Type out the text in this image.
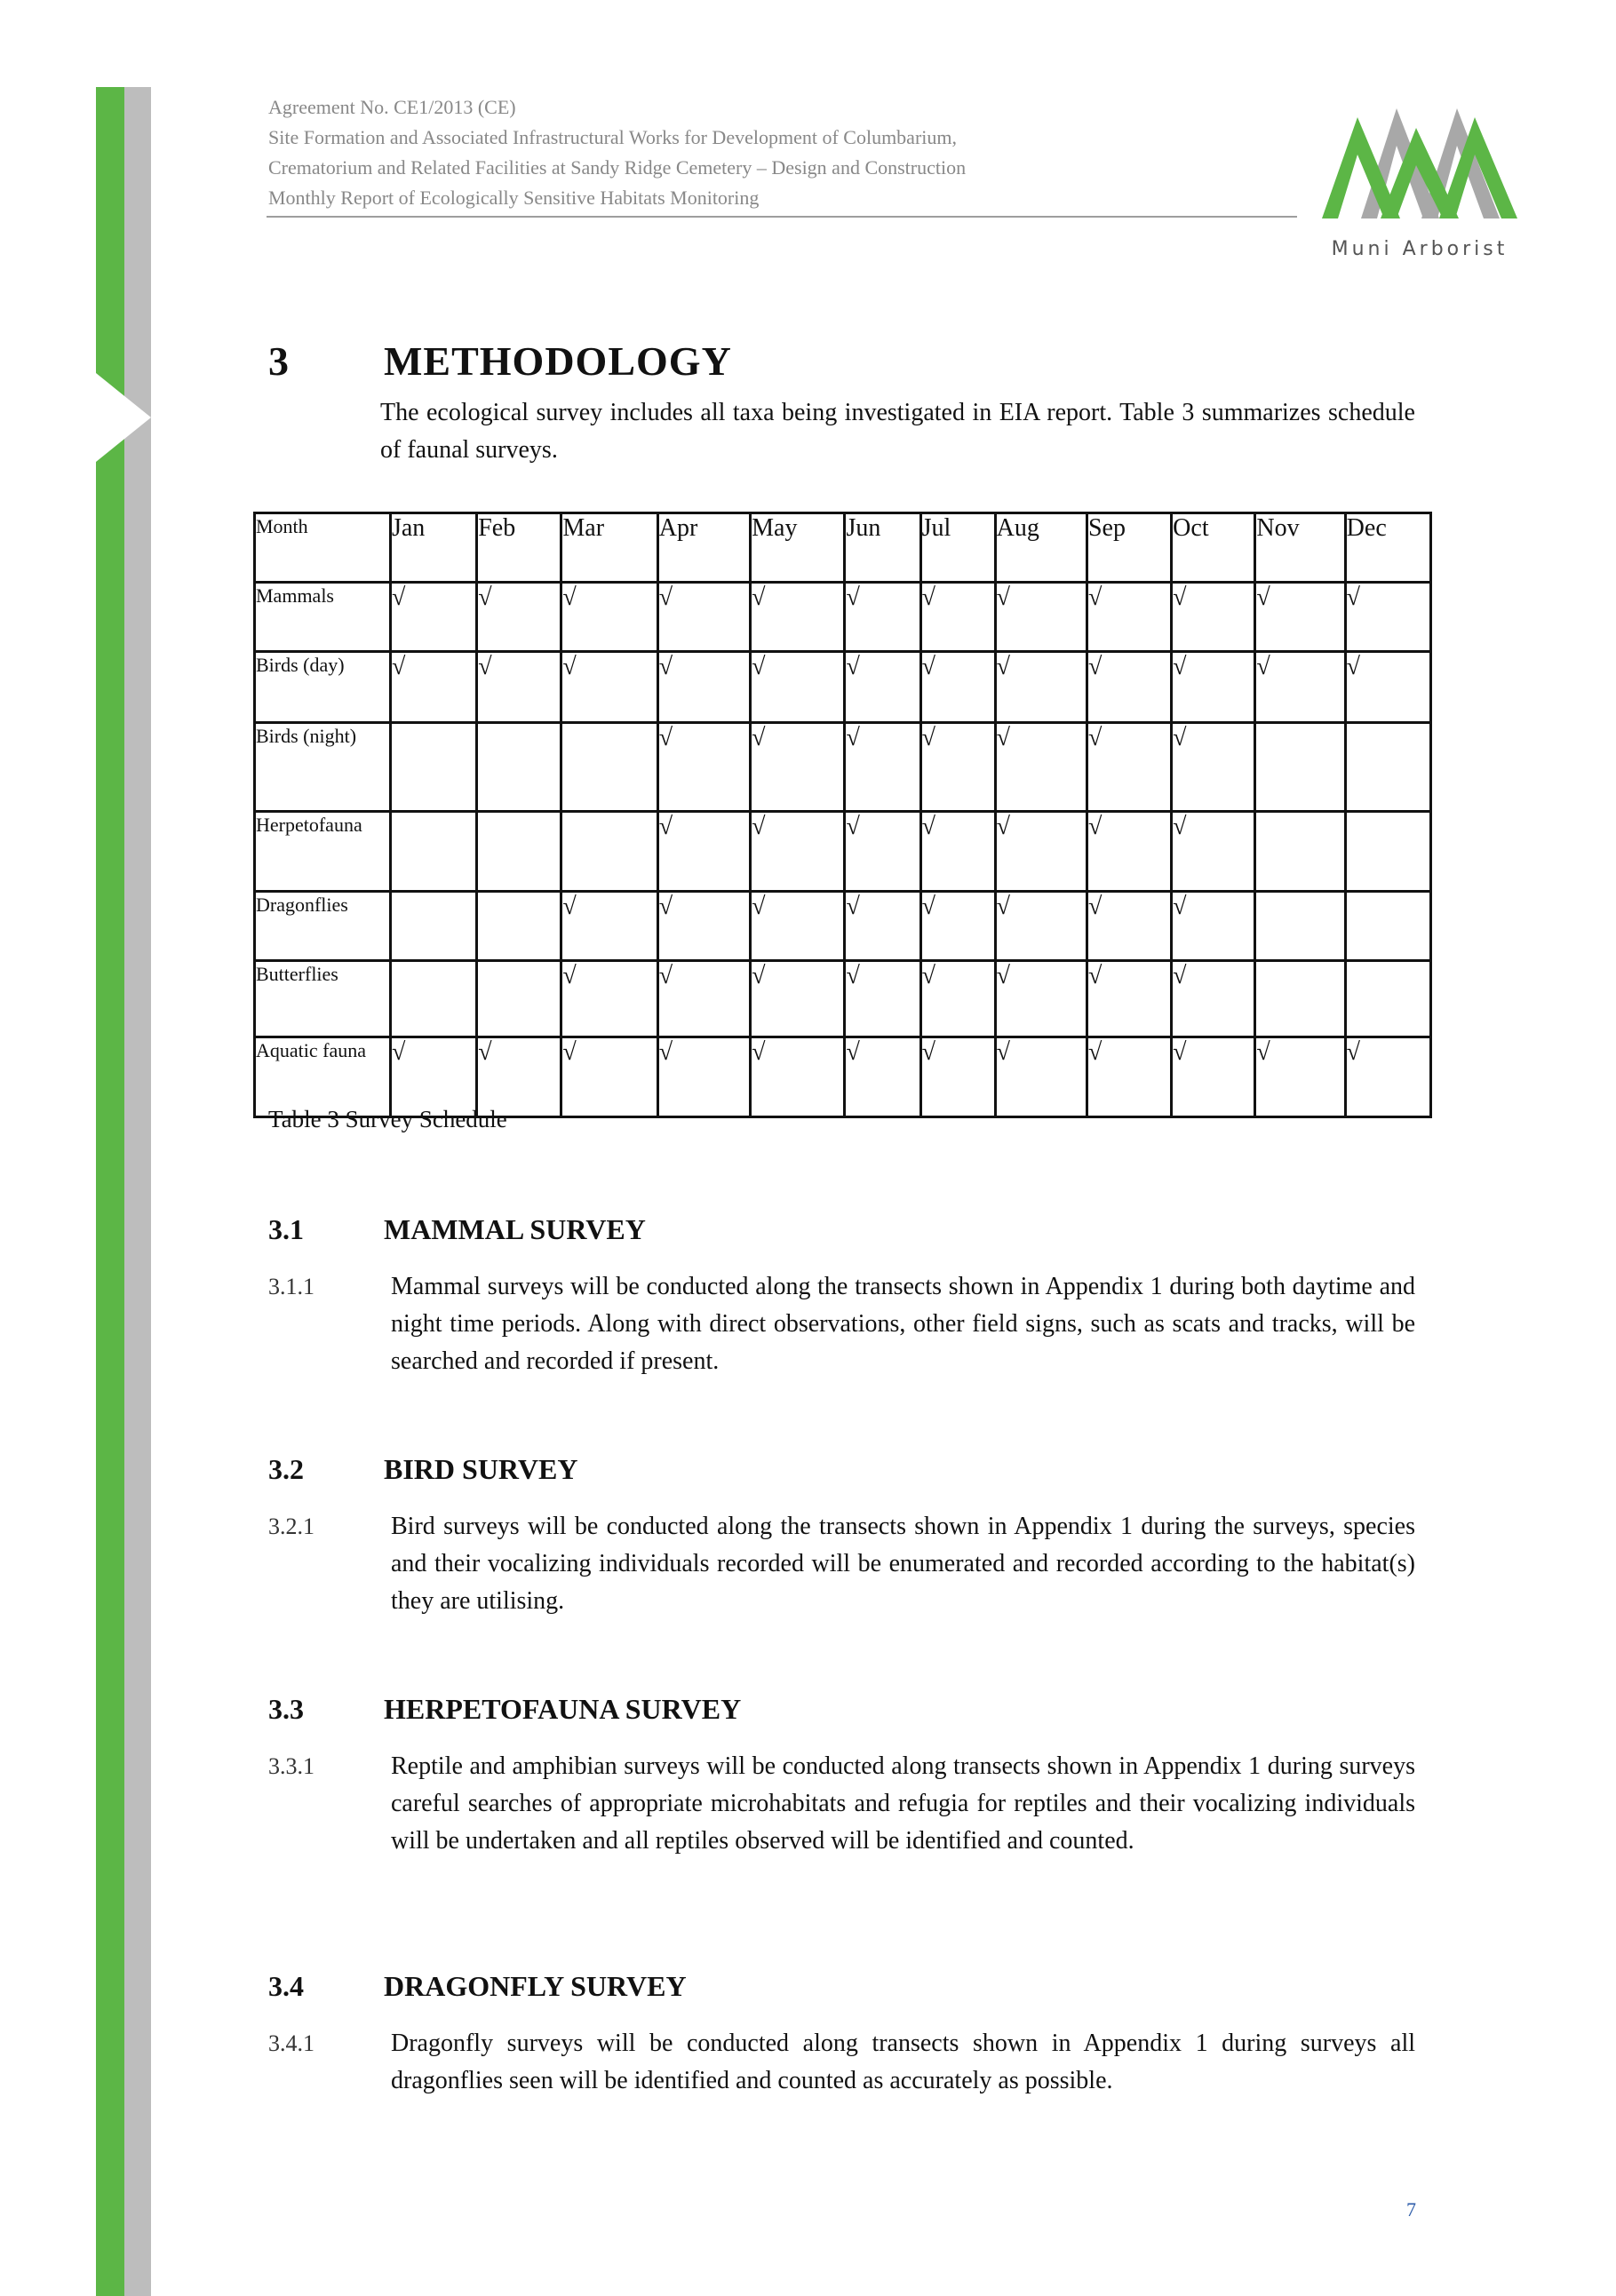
Agreement No. CE1/2013 (CE)
Site Formation and Associated Infrastructural Works for Development of Columbarium,
Crematorium and Related Facilities at Sandy Ridge Cemetery – Design and Construction
Monthly Report of Ecologically Sensitive Habitats Monitoring
Muni Arborist
3 METHODOLOGY
The ecological survey includes all taxa being investigated in EIA report. Table 3 summarizes schedule of faunal surveys.
Month	Jan	Feb	Mar	Apr	May	Jun	Jul	Aug	Sep	Oct	Nov	Dec
Mammals	√	√	√	√	√	√	√	√	√	√	√	√
Birds (day)	√	√	√	√	√	√	√	√	√	√	√	√
Birds (night)				√	√	√	√	√	√	√		
Herpetofauna				√	√	√	√	√	√	√		
Dragonflies			√	√	√	√	√	√	√	√		
Butterflies			√	√	√	√	√	√	√	√		
Aquatic fauna	√	√	√	√	√	√	√	√	√	√	√	√
Table 3 Survey Schedule
3.1	MAMMAL SURVEY
3.1.1	Mammal surveys will be conducted along the transects shown in Appendix 1 during both daytime and night time periods. Along with direct observations, other field signs, such as scats and tracks, will be searched and recorded if present.
3.2	BIRD SURVEY
3.2.1	Bird surveys will be conducted along the transects shown in Appendix 1 during the surveys, species and their vocalizing individuals recorded will be enumerated and recorded according to the habitat(s) they are utilising.
3.3	HERPETOFAUNA SURVEY
3.3.1	Reptile and amphibian surveys will be conducted along transects shown in Appendix 1 during surveys careful searches of appropriate microhabitats and refugia for reptiles and their vocalizing individuals will be undertaken and all reptiles observed will be identified and counted.
3.4	DRAGONFLY SURVEY
3.4.1	Dragonfly surveys will be conducted along transects shown in Appendix 1 during surveys all dragonflies seen will be identified and counted as accurately as possible.
7
